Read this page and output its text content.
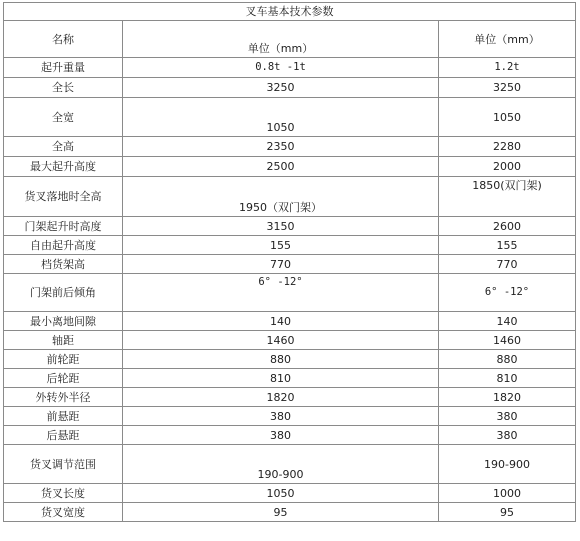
叉车基本技术参数		
名称	单位（mm）	单位（mm）
起升重量	0.8t -1t	1.2t
全长	3250	3250
全宽	1050	1050
全高	2350	2280
最大起升高度	2500	2000
货叉落地时全高	1950（双门架）	1850(双门架)
门架起升时高度	3150	2600
自由起升高度	155	155
档货架高	770	770
门架前后倾角	6° -12°	6° -12°
最小离地间隙	140	140
轴距	1460	1460
前轮距	880	880
后轮距	810	810
外转外半径	1820	1820
前悬距	380	380
后悬距	380	380
货叉调节范围	190-900	190-900
货叉长度	1050	1000
货叉宽度	95	95
